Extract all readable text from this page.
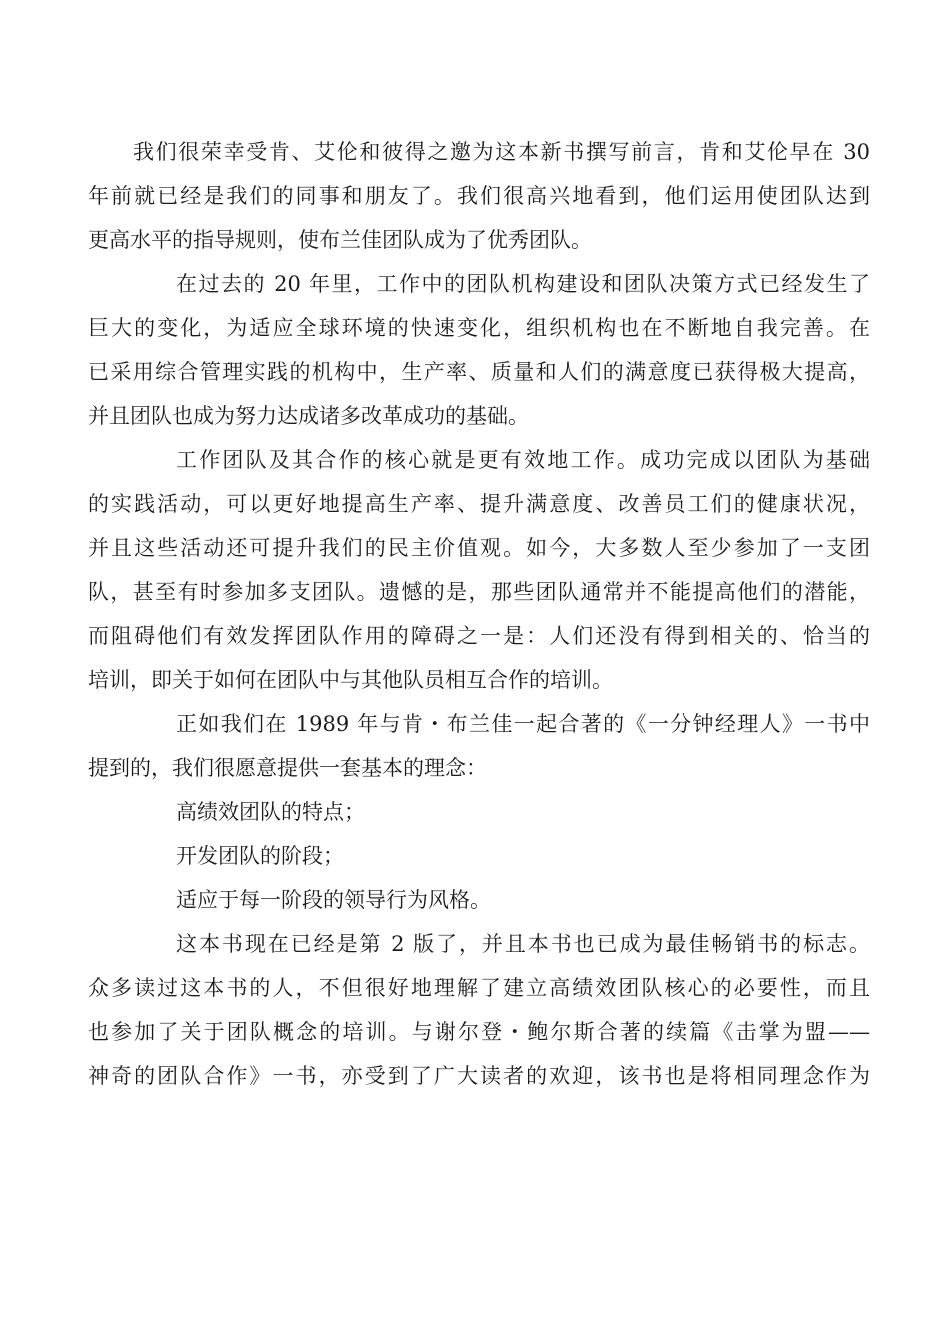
我们很荣幸受肯、艾伦和彼得之邀为这本新书撰写前言，肯和艾伦早在 30
年前就已经是我们的同事和朋友了。我们很高兴地看到，他们运用使团队达到
更高水平的指导规则，使布兰佳团队成为了优秀团队。
在过去的 20 年里，工作中的团队机构建设和团队决策方式已经发生了
巨大的变化，为适应全球环境的快速变化，组织机构也在不断地自我完善。在
已采用综合管理实践的机构中，生产率、质量和人们的满意度已获得极大提高，
并且团队也成为努力达成诸多改革成功的基础。
工作团队及其合作的核心就是更有效地工作。成功完成以团队为基础
的实践活动，可以更好地提高生产率、提升满意度、改善员工们的健康状况，
并且这些活动还可提升我们的民主价值观。如今，大多数人至少参加了一支团
队，甚至有时参加多支团队。遗憾的是，那些团队通常并不能提高他们的潜能，
而阻碍他们有效发挥团队作用的障碍之一是：人们还没有得到相关的、恰当的
培训，即关于如何在团队中与其他队员相互合作的培训。
正如我们在 1989 年与肯・布兰佳一起合著的《一分钟经理人》一书中
提到的，我们很愿意提供一套基本的理念：
高绩效团队的特点；
开发团队的阶段；
适应于每一阶段的领导行为风格。
这本书现在已经是第 2 版了，并且本书也已成为最佳畅销书的标志。
众多读过这本书的人，不但很好地理解了建立高绩效团队核心的必要性，而且
也参加了关于团队概念的培训。与谢尔登・鲍尔斯合著的续篇《击掌为盟——
神奇的团队合作》一书，亦受到了广大读者的欢迎，该书也是将相同理念作为
